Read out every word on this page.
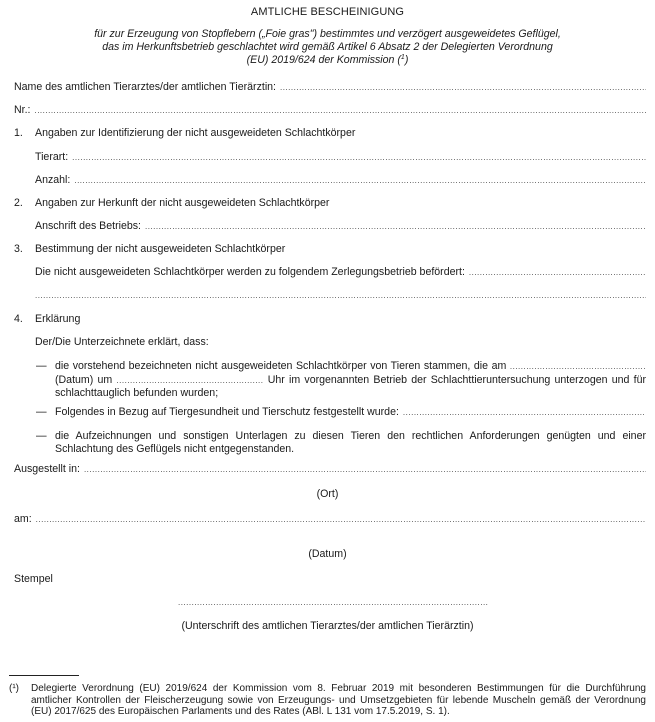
AMTLICHE BESCHEINIGUNG
für zur Erzeugung von Stopflebern („Foie gras") bestimmtes und verzögert ausgeweidetes Geflügel,
das im Herkunftsbetrieb geschlachtet wird gemäß Artikel 6 Absatz 2 der Delegierten Verordnung
(EU) 2019/624 der Kommission ($^1$)
Name des amtlichen Tierarztes/der amtlichen Tierärztin:
.....
Nr.:
.....
1.	Angaben zur Identifizierung der nicht ausgeweideten Schlachtkörper
Tierart:
.....
Anzahl:
.....
2.	Angaben zur Herkunft der nicht ausgeweideten Schlachtkörper
Anschrift des Betriebs:
.....
3.	Bestimmung der nicht ausgeweideten Schlachtkörper
Die nicht ausgeweideten Schlachtkörper werden zu folgendem Zerlegungsbetrieb befördert:
.....
.....
4.	Erklärung
Der/Die Unterzeichnete erklärt, dass:
— die vorstehend bezeichneten nicht ausgeweideten Schlachtkörper von Tieren stammen, die am .................................................. (Datum) um ...................................................... Uhr im vorgenannten Betrieb der Schlachttieruntersuchung unterzogen und für schlachttauglich befunden wurden;
— Folgendes in Bezug auf Tiergesundheit und Tierschutz festgestellt wurde:
.....
— die Aufzeichnungen und sonstigen Unterlagen zu diesen Tieren den rechtlichen Anforderungen genügten und einer Schlachtung des Geflügels nicht entgegenstanden.
Ausgestellt in:
.....
(Ort)
am:
.....
(Datum)
Stempel
.....
(Unterschrift des amtlichen Tierarztes/der amtlichen Tierärztin)
(¹) Delegierte Verordnung (EU) 2019/624 der Kommission vom 8. Februar 2019 mit besonderen Bestimmungen für die Durchführung amtlicher Kontrollen der Fleischerzeugung sowie von Erzeugungs- und Umsetzgebieten für lebende Muscheln gemäß der Verordnung (EU) 2017/625 des Europäischen Parlaments und des Rates (ABl. L 131 vom 17.5.2019, S. 1).
